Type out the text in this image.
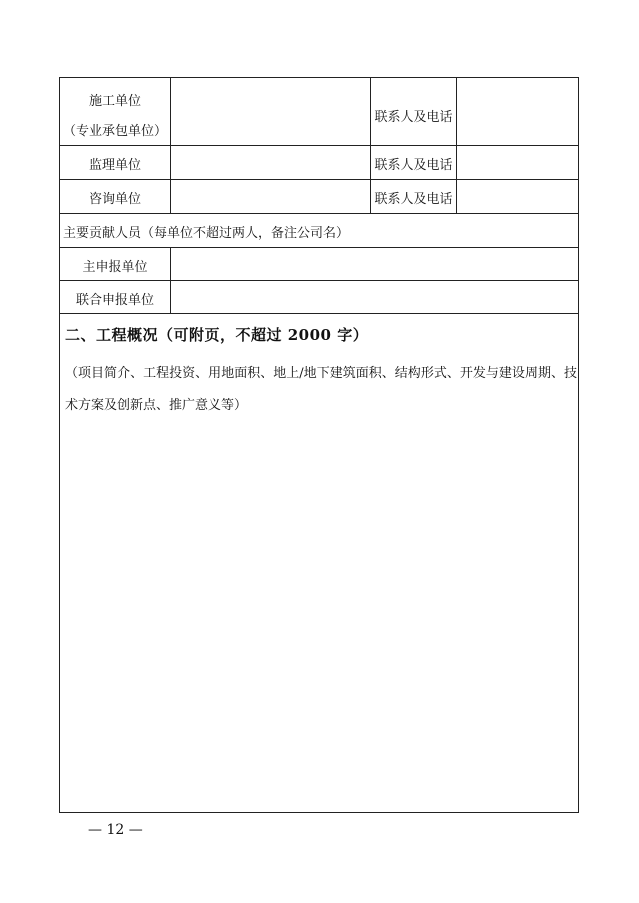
施工单位
（专业承包单位）
联系人及电话
监理单位	联系人及电话
咨询单位	联系人及电话
主要贡献人员（每单位不超过两人，备注公司名）
主申报单位
联合申报单位
二、工程概况（可附页，不超过 2000 字）
（项目简介、工程投资、用地面积、地上/地下建筑面积、结构形式、开发与建设周期、技术方案及创新点、推广意义等）
— 12 —
